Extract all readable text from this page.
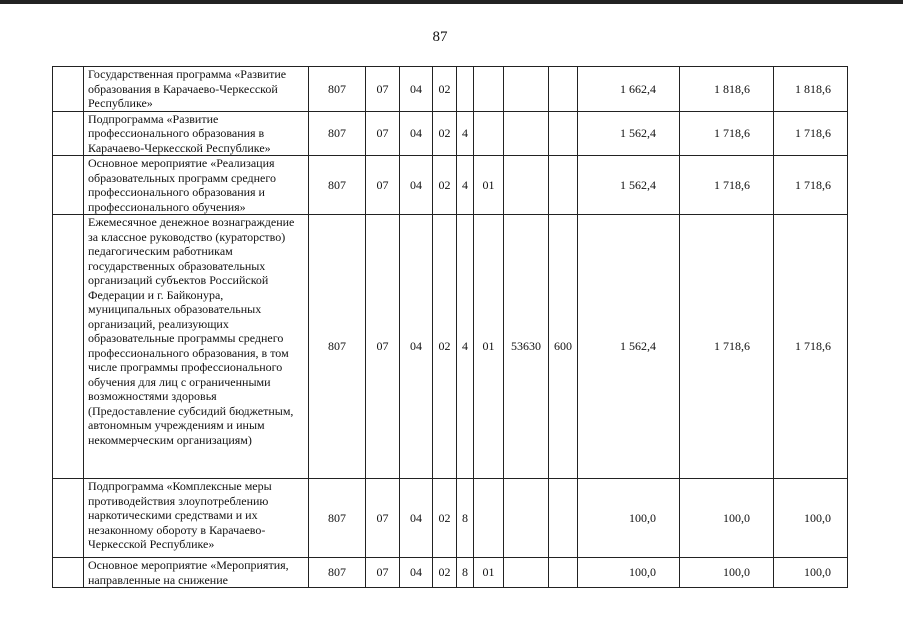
87
	Государственная программа «Развитие образования в Карачаево-Черкесской Республике»	807	07	04	02					1 662,4	1 818,6	1 818,6
	Подпрограмма «Развитие профессионального образования в Карачаево-Черкесской Республике»	807	07	04	02	4				1 562,4	1 718,6	1 718,6
	Основное мероприятие «Реализация образовательных программ среднего профессионального образования и профессионального обучения»	807	07	04	02	4	01			1 562,4	1 718,6	1 718,6
	Ежемесячное денежное вознаграждение за классное руководство (кураторство) педагогическим работникам государственных образовательных организаций субъектов Российской Федерации и г. Байконура, муниципальных образовательных организаций, реализующих образовательные программы среднего профессионального образования, в том числе программы профессионального обучения для лиц с ограниченными возможностями здоровья (Предоставление субсидий бюджетным, автономным учреждениям и иным некоммерческим организациям)	807	07	04	02	4	01	53630	600	1 562,4	1 718,6	1 718,6
	Подпрограмма «Комплексные меры противодействия злоупотреблению наркотическими средствами и их незаконному обороту в Карачаево-Черкесской Республике»	807	07	04	02	8				100,0	100,0	100,0
	Основное мероприятие «Мероприятия, направленные на снижение	807	07	04	02	8	01			100,0	100,0	100,0
